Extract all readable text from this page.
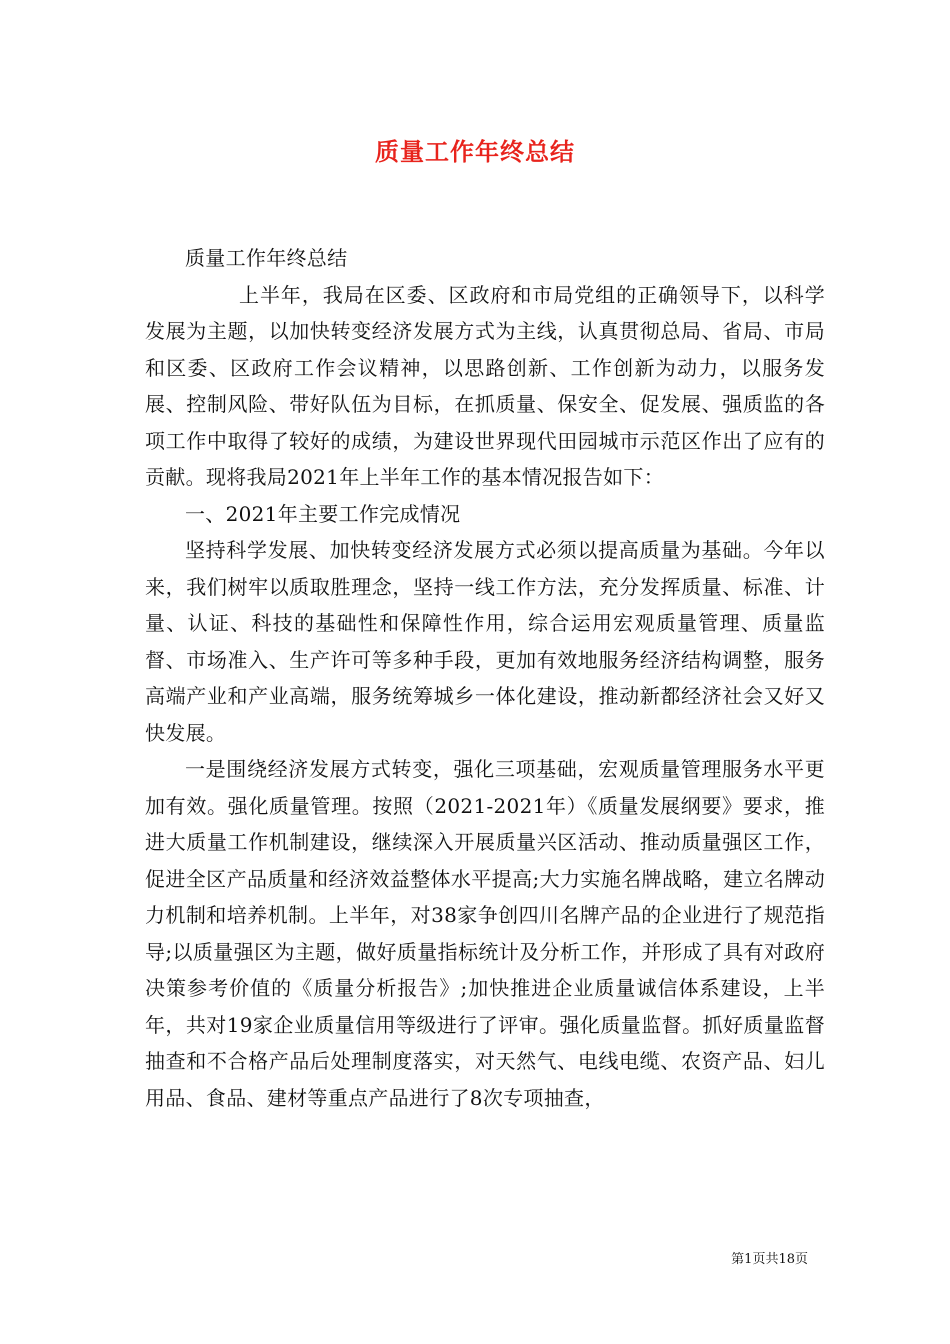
质量工作年终总结

质量工作年终总结

上半年，我局在区委、区政府和市局党组的正确领导下，以科学发展为主题，以加快转变经济发展方式为主线，认真贯彻总局、省局、市局和区委、区政府工作会议精神，以思路创新、工作创新为动力，以服务发展、控制风险、带好队伍为目标，在抓质量、保安全、促发展、强质监的各项工作中取得了较好的成绩，为建设世界现代田园城市示范区作出了应有的贡献。现将我局2021年上半年工作的基本情况报告如下：

一、2021年主要工作完成情况

坚持科学发展、加快转变经济发展方式必须以提高质量为基础。今年以来，我们树牢以质取胜理念，坚持一线工作方法，充分发挥质量、标准、计量、认证、科技的基础性和保障性作用，综合运用宏观质量管理、质量监督、市场准入、生产许可等多种手段，更加有效地服务经济结构调整，服务高端产业和产业高端，服务统筹城乡一体化建设，推动新都经济社会又好又快发展。

一是围绕经济发展方式转变，强化三项基础，宏观质量管理服务水平更加有效。强化质量管理。按照（2021-2021年）《质量发展纲要》要求，推进大质量工作机制建设，继续深入开展质量兴区活动、推动质量强区工作，促进全区产品质量和经济效益整体水平提高;大力实施名牌战略，建立名牌动力机制和培养机制。上半年，对38家争创四川名牌产品的企业进行了规范指导;以质量强区为主题，做好质量指标统计及分析工作，并形成了具有对政府决策参考价值的《质量分析报告》;加快推进企业质量诚信体系建设，上半年，共对19家企业质量信用等级进行了评审。强化质量监督。抓好质量监督抽查和不合格产品后处理制度落实，对天然气、电线电缆、农资产品、妇儿用品、食品、建材等重点产品进行了8次专项抽查，

第1页共18页
